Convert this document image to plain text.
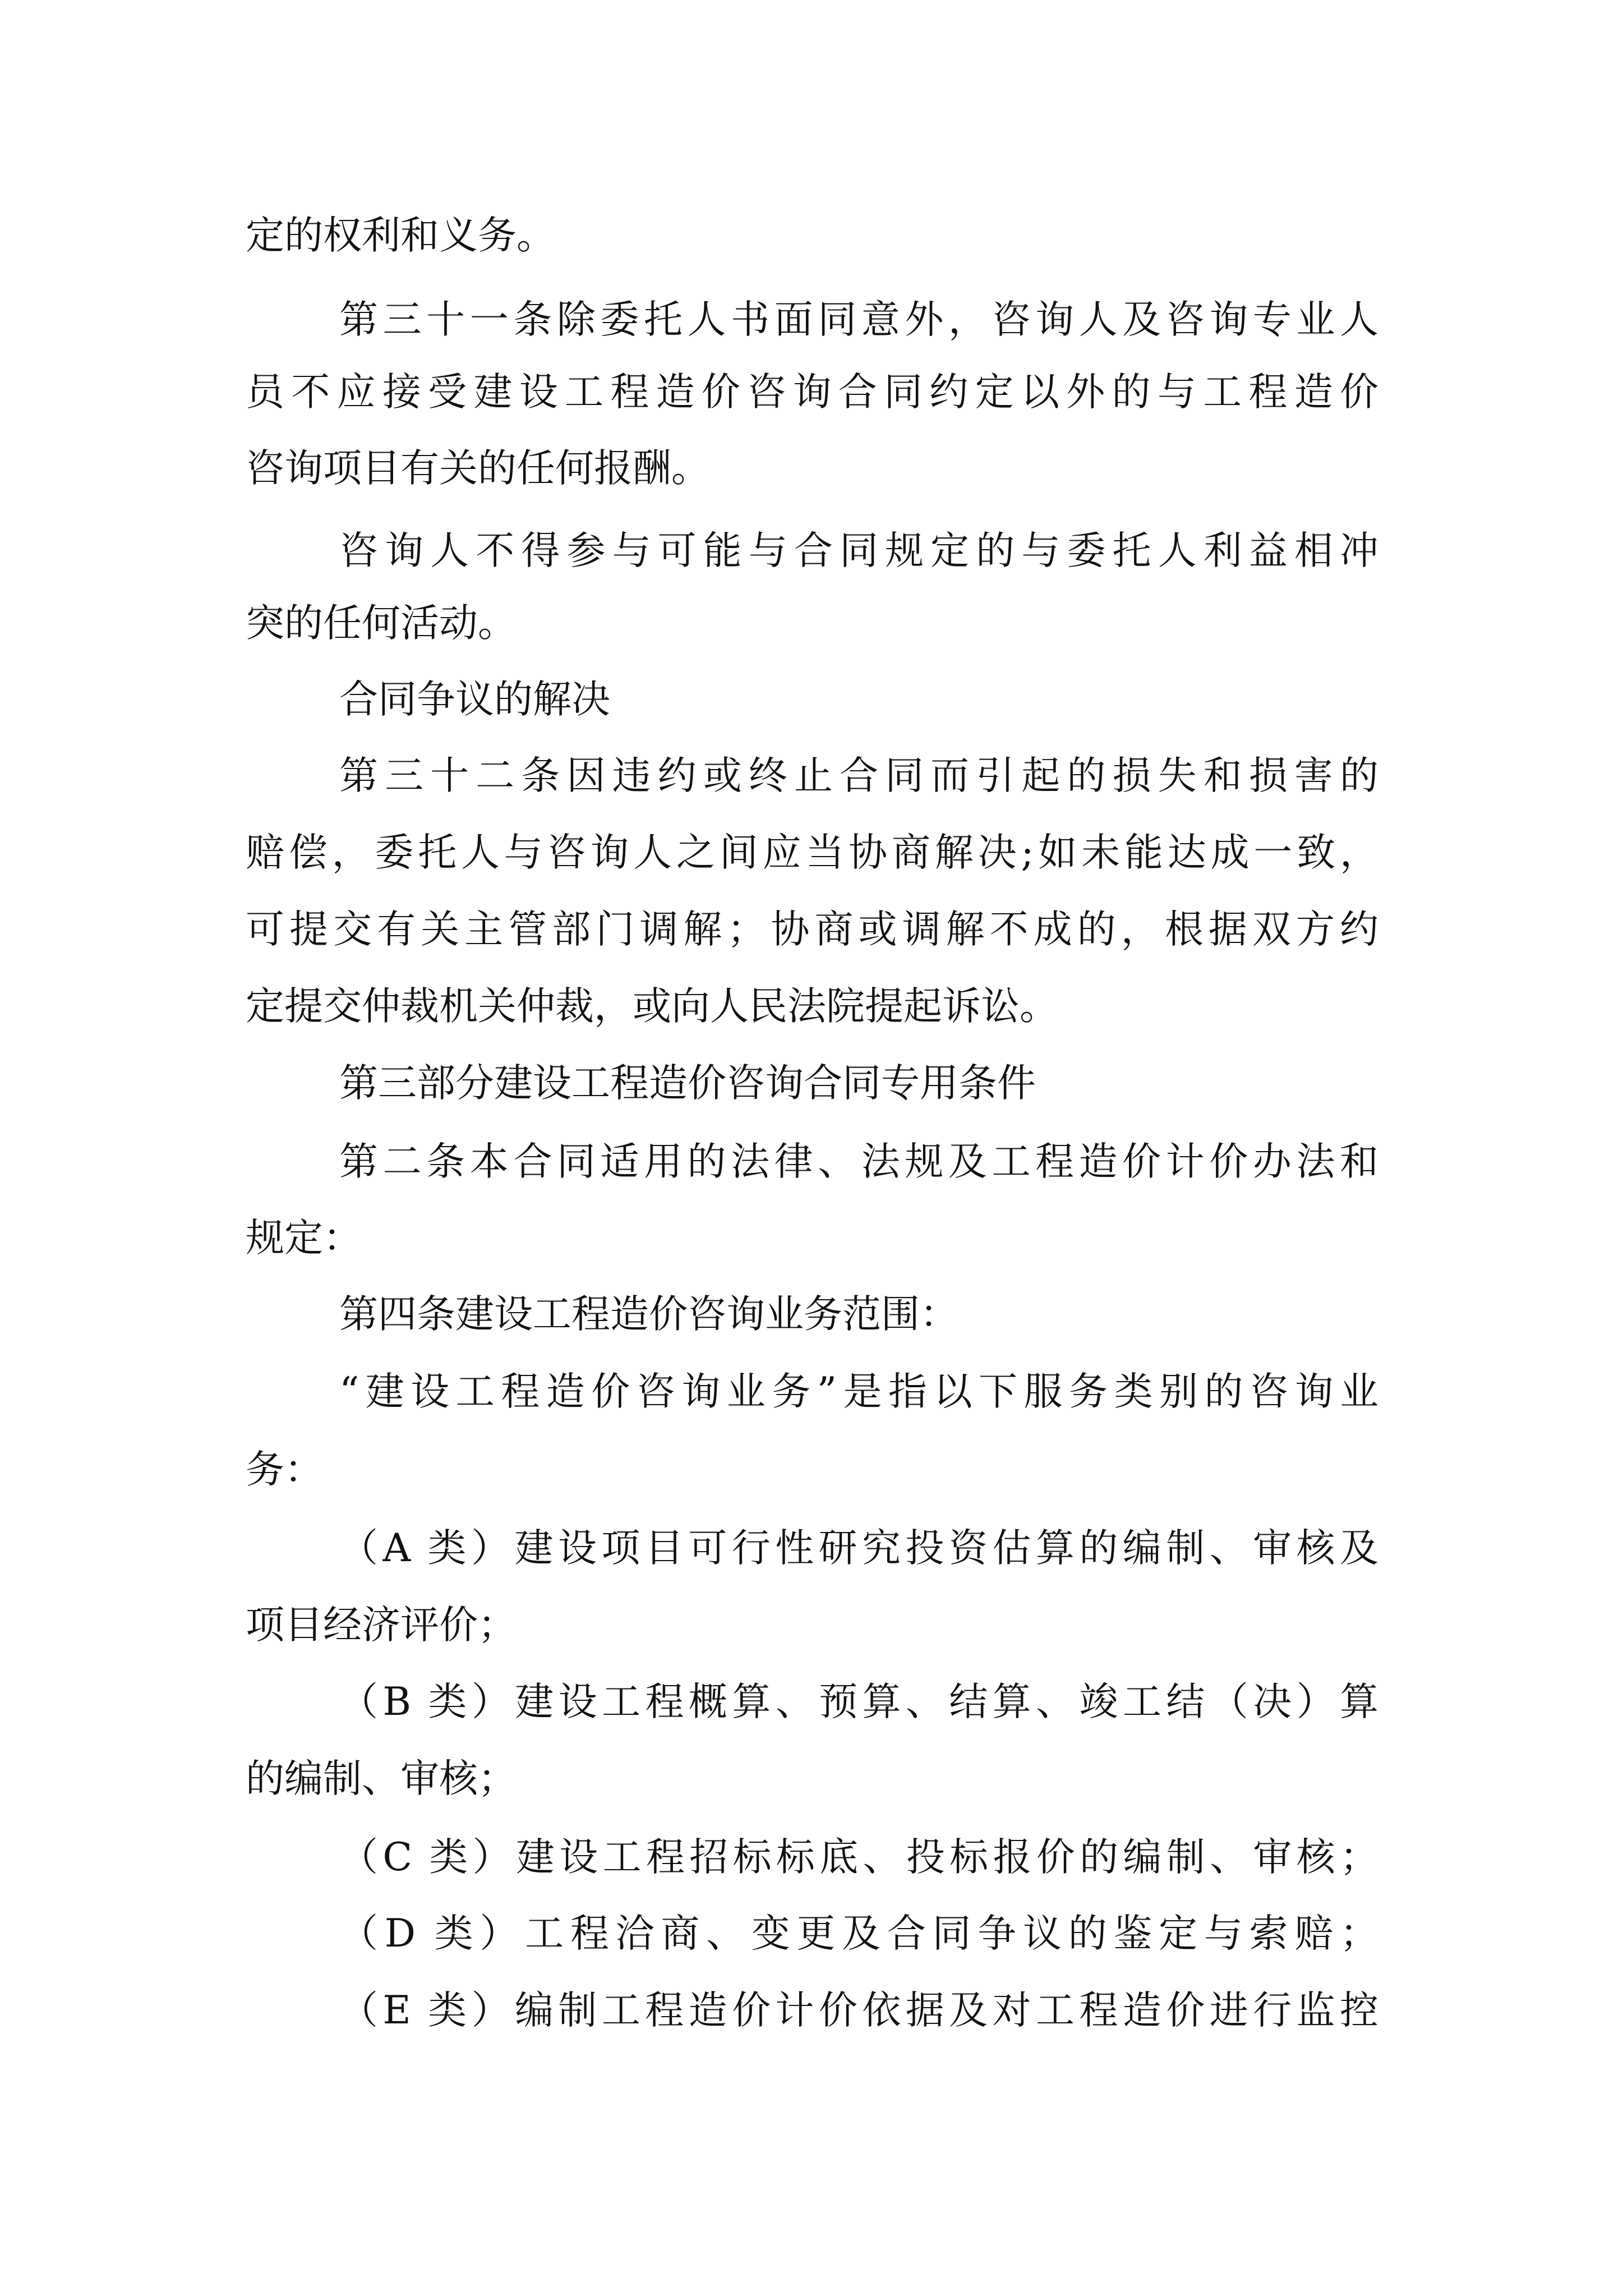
定的权利和义务。

第三十一条除委托人书面同意外，咨询人及咨询专业人

员不应接受建设工程造价咨询合同约定以外的与工程造价

咨询项目有关的任何报酬。

咨询人不得参与可能与合同规定的与委托人利益相冲

突的任何活动。

合同争议的解决

第三十二条因违约或终止合同而引起的损失和损害的

赔偿，委托人与咨询人之间应当协商解决;如未能达成一致，

可提交有关主管部门调解；协商或调解不成的，根据双方约

定提交仲裁机关仲裁，或向人民法院提起诉讼。

第三部分建设工程造价咨询合同专用条件

第二条本合同适用的法律、法规及工程造价计价办法和

规定：

第四条建设工程造价咨询业务范围：

“建设工程造价咨询业务”是指以下服务类别的咨询业

务：

（A 类）建设项目可行性研究投资估算的编制、审核及

项目经济评价；

（B 类）建设工程概算、预算、结算、竣工结（决）算

的编制、审核；

（C 类）建设工程招标标底、投标报价的编制、审核；

（D 类）工程洽商、变更及合同争议的鉴定与索赔；

（E 类）编制工程造价计价依据及对工程造价进行监控
